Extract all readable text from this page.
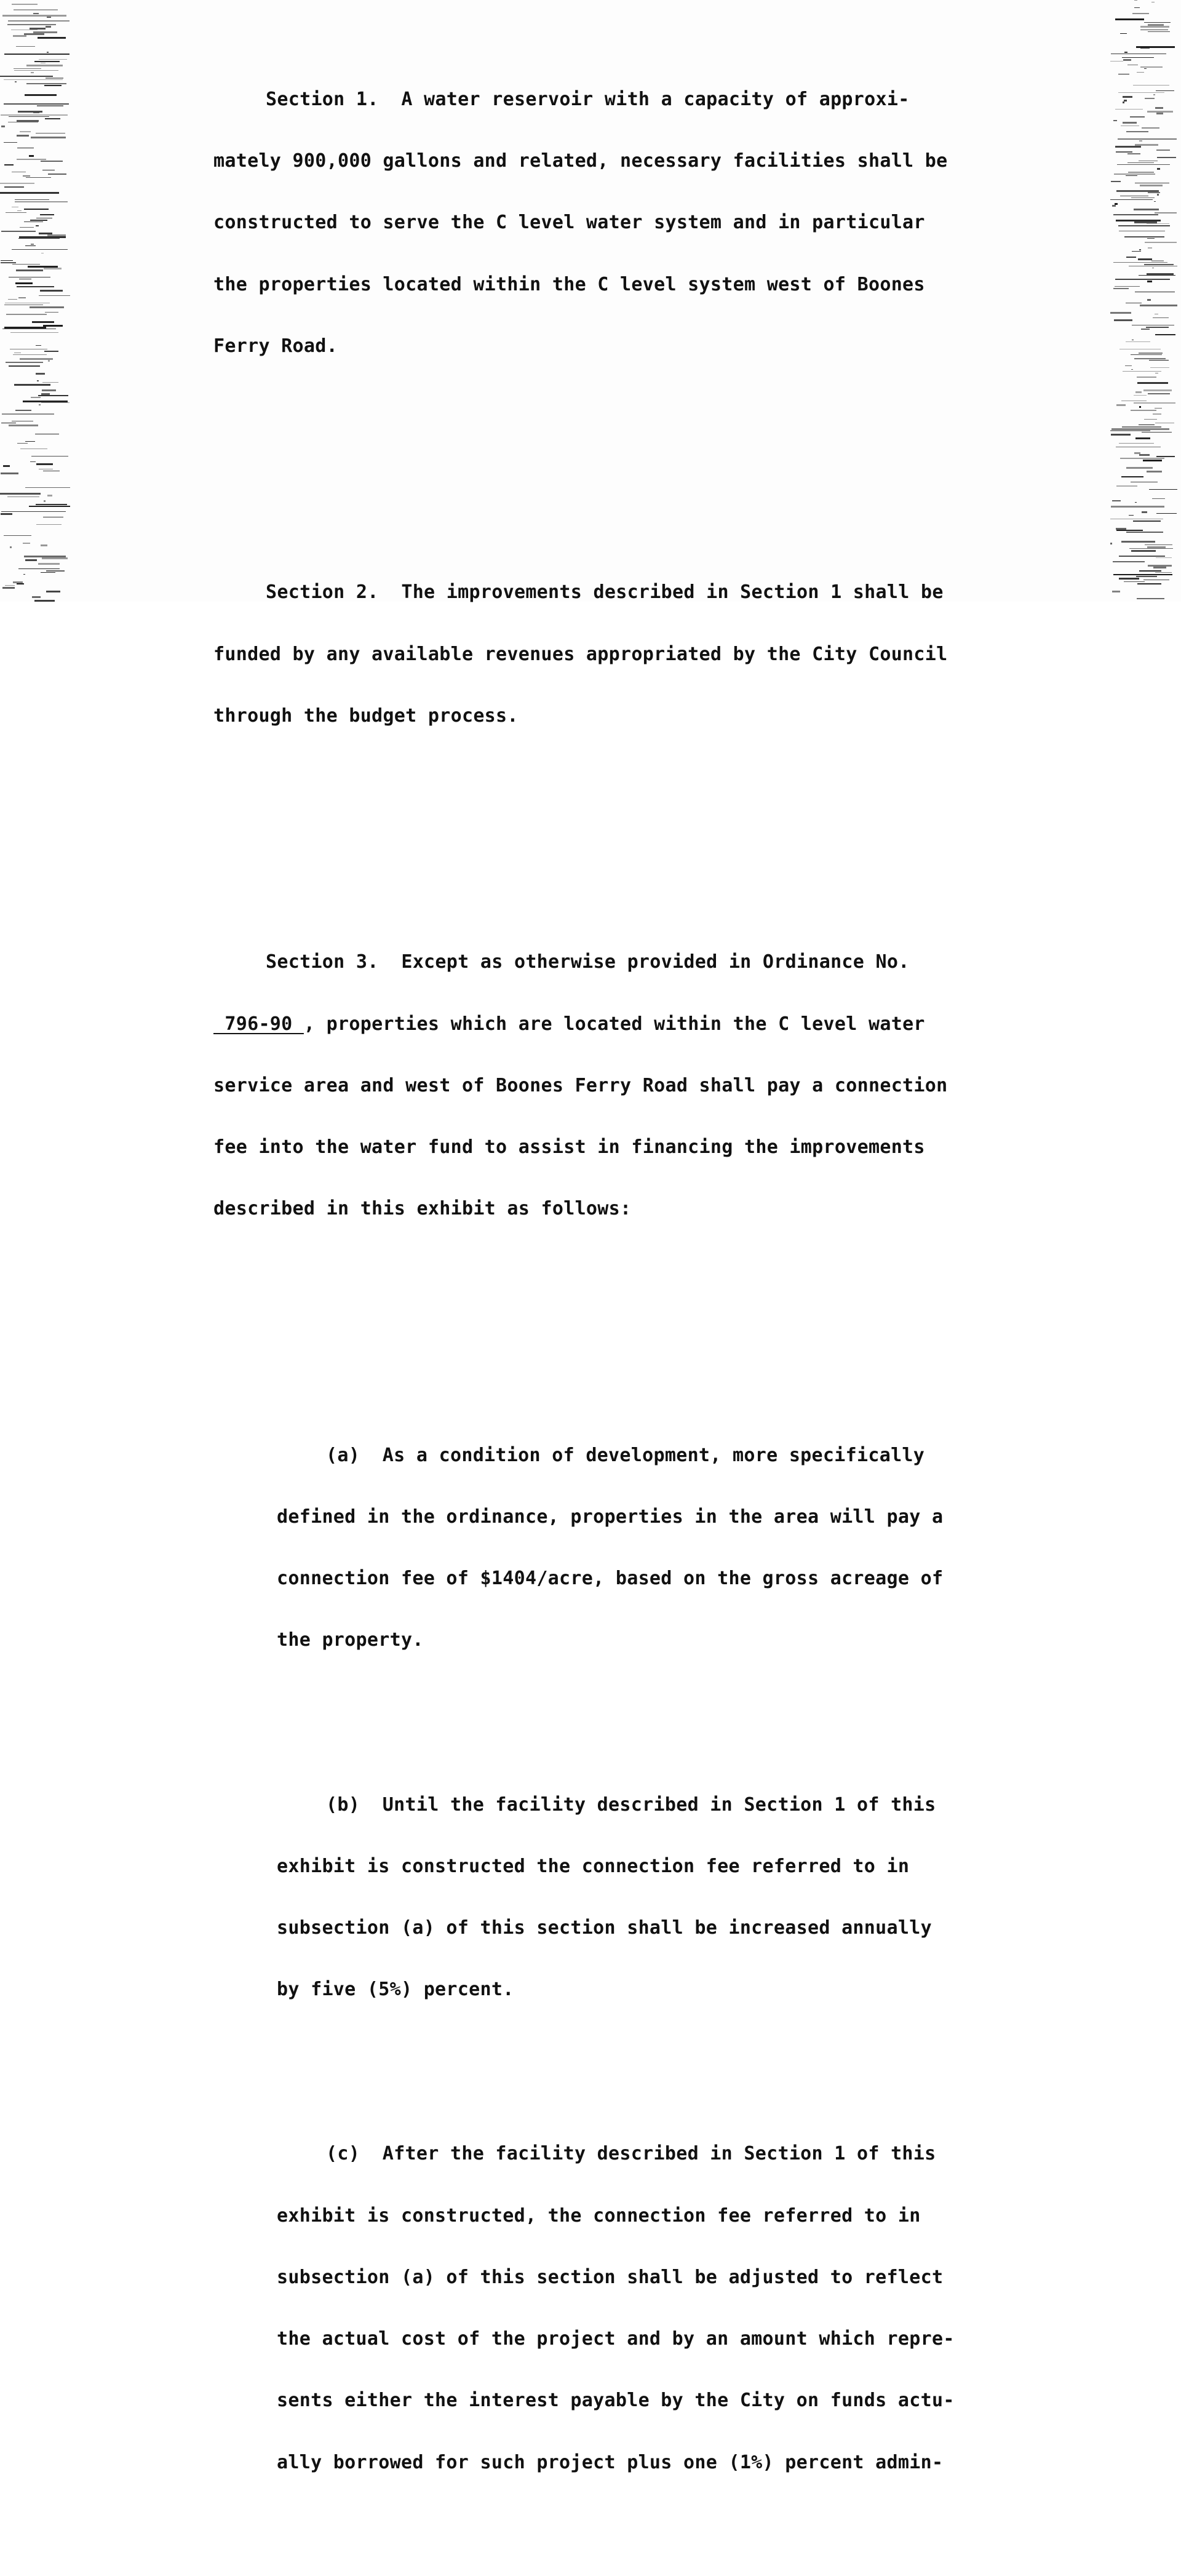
Section 1.  A water reservoir with a capacity of approxi-

mately 900,000 gallons and related, necessary facilities shall be

constructed to serve the C level water system and in particular

the properties located within the C level system west of Boones

Ferry Road.

Section 2.  The improvements described in Section 1 shall be

funded by any available revenues appropriated by the City Council

through the budget process.

Section 3.  Except as otherwise provided in Ordinance No.

796-90 , properties which are located within the C level water

service area and west of Boones Ferry Road shall pay a connection

fee into the water fund to assist in financing the improvements

described in this exhibit as follows:

(a)  As a condition of development, more specifically

defined in the ordinance, properties in the area will pay a

connection fee of $1404/acre, based on the gross acreage of

the property.

(b)  Until the facility described in Section 1 of this

exhibit is constructed the connection fee referred to in

subsection (a) of this section shall be increased annually

by five (5%) percent.

(c)  After the facility described in Section 1 of this

exhibit is constructed, the connection fee referred to in

subsection (a) of this section shall be adjusted to reflect

the actual cost of the project and by an amount which repre-

sents either the interest payable by the City on funds actu-

ally borrowed for such project plus one (1%) percent admin-
